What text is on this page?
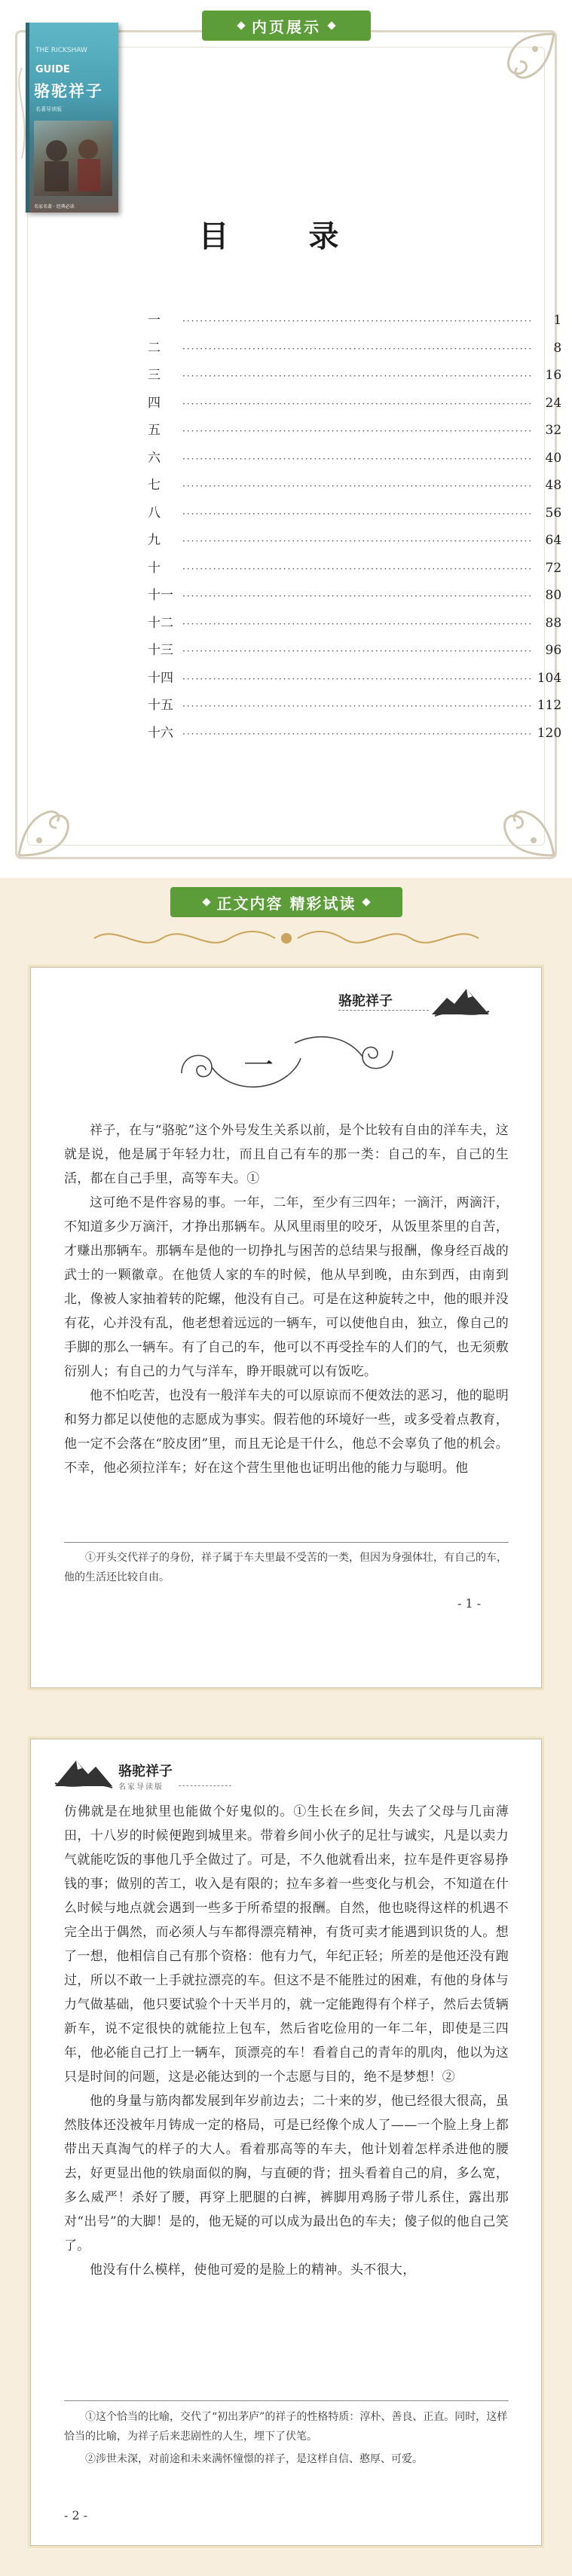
内页展示
THE RICKSHAW
GUIDE
骆驼祥子
名著导读版
名家名著 · 经典必读
目 录
一	················································································	1
二	················································································	8
三	················································································ 16
四	················································································ 24
五	················································································ 32
六	················································································ 40
七	················································································ 48
八	················································································ 56
九	················································································ 64
十	················································································ 72
十一	················································································ 80
十二	················································································ 88
十三	················································································ 96
十四	················································································ 104
十五	················································································ 112
十六	················································································ 120
正文内容 精彩试读
骆驼祥子
一

祥子，在与“骆驼”这个外号发生关系以前，是个比较有自由的洋车夫，这就是说，他是属于年轻力壮，而且自己有车的那一类：自己的车，自己的生活，都在自己手里，高等车夫。①

这可绝不是件容易的事。一年，二年，至少有三四年；一滴汗，两滴汗，不知道多少万滴汗，才挣出那辆车。从风里雨里的咬牙，从饭里茶里的自苦，才赚出那辆车。那辆车是他的一切挣扎与困苦的总结果与报酬，像身经百战的武士的一颗徽章。在他赁人家的车的时候，他从早到晚，由东到西，由南到北，像被人家抽着转的陀螺，他没有自己。可是在这种旋转之中，他的眼并没有花，心并没有乱，他老想着远远的一辆车，可以使他自由，独立，像自己的手脚的那么一辆车。有了自己的车，他可以不再受拴车的人们的气，也无须敷衍别人；有自己的力气与洋车，睁开眼就可以有饭吃。

他不怕吃苦，也没有一般洋车夫的可以原谅而不便效法的恶习，他的聪明和努力都足以使他的志愿成为事实。假若他的环境好一些，或多受着点教育，他一定不会落在“胶皮团”里，而且无论是干什么，他总不会辜负了他的机会。不幸，他必须拉洋车；好在这个营生里他也证明出他的能力与聪明。他

①开头交代祥子的身份，祥子属于车夫里最不受苦的一类，但因为身强体壮，有自己的车，他的生活还比较自由。

- 1 -
骆驼祥子
名家导读版

仿佛就是在地狱里也能做个好鬼似的。①生长在乡间，失去了父母与几亩薄田，十八岁的时候便跑到城里来。带着乡间小伙子的足壮与诚实，凡是以卖力气就能吃饭的事他几乎全做过了。可是，不久他就看出来，拉车是件更容易挣钱的事；做别的苦工，收入是有限的；拉车多着一些变化与机会，不知道在什么时候与地点就会遇到一些多于所希望的报酬。自然，他也晓得这样的机遇不完全出于偶然，而必须人与车都得漂亮精神，有货可卖才能遇到识货的人。想了一想，他相信自己有那个资格：他有力气，年纪正轻；所差的是他还没有跑过，所以不敢一上手就拉漂亮的车。但这不是不能胜过的困难，有他的身体与力气做基础，他只要试验个十天半月的，就一定能跑得有个样子，然后去赁辆新车，说不定很快的就能拉上包车，然后省吃俭用的一年二年，即使是三四年，他必能自己打上一辆车，顶漂亮的车！看着自己的青年的肌肉，他以为这只是时间的问题，这是必能达到的一个志愿与目的，绝不是梦想！②

他的身量与筋肉都发展到年岁前边去；二十来的岁，他已经很大很高，虽然肢体还没被年月铸成一定的格局，可是已经像个成人了——一个脸上身上都带出天真淘气的样子的大人。看着那高等的车夫，他计划着怎样杀进他的腰去，好更显出他的铁扇面似的胸，与直硬的背；扭头看着自己的肩，多么宽，多么威严！杀好了腰，再穿上肥腿的白裤，裤脚用鸡肠子带儿系住，露出那对“出号”的大脚！是的，他无疑的可以成为最出色的车夫；傻子似的他自己笑了。

他没有什么模样，使他可爱的是脸上的精神。头不很大，

①这个恰当的比喻，交代了“初出茅庐”的祥子的性格特质：淳朴、善良、正直。同时，这样恰当的比喻，为祥子后来悲剧性的人生，埋下了伏笔。

②涉世未深，对前途和未来满怀憧憬的祥子，是这样自信、憨厚、可爱。

- 2 -
